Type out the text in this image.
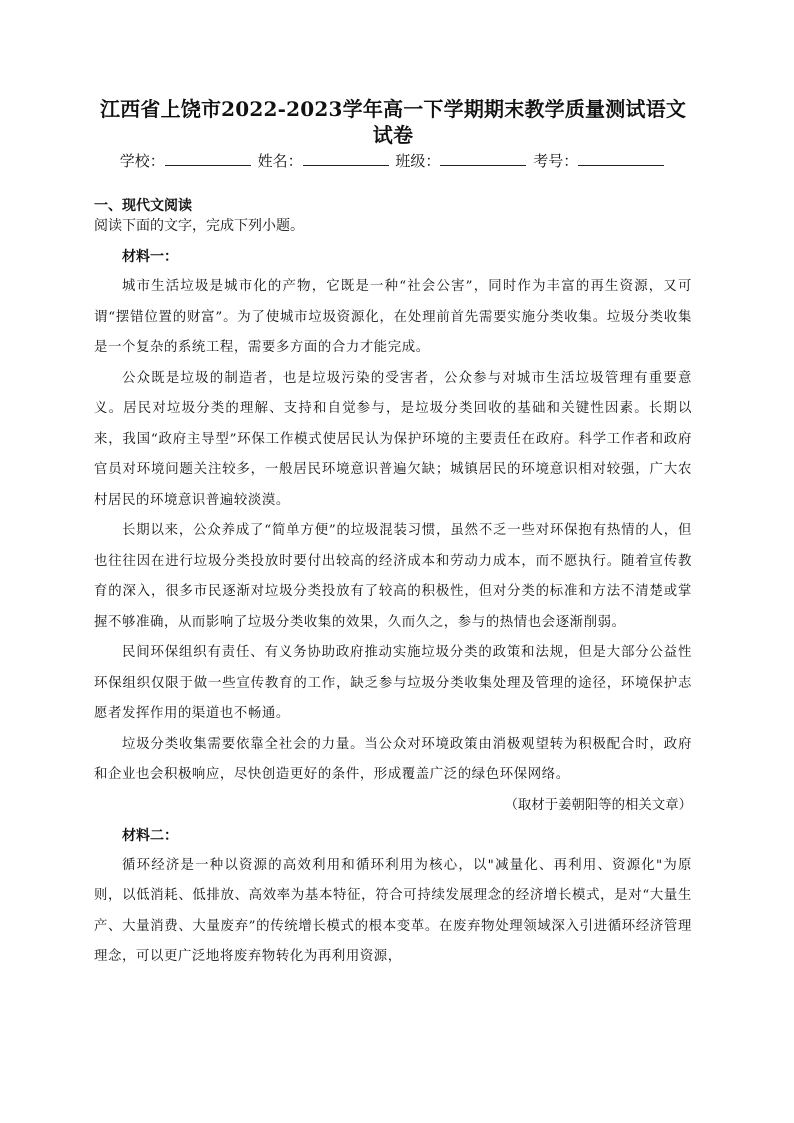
江西省上饶市2022-2023学年高一下学期期末教学质量测试语文试卷
学校：	姓名：	班级：	考号：
一、现代文阅读
阅读下面的文字，完成下列小题。
材料一：

城市生活垃圾是城市化的产物，它既是一种“社会公害”，同时作为丰富的再生资源，又可谓“摆错位置的财富”。为了使城市垃圾资源化，在处理前首先需要实施分类收集。垃圾分类收集是一个复杂的系统工程，需要多方面的合力才能完成。

公众既是垃圾的制造者，也是垃圾污染的受害者，公众参与对城市生活垃圾管理有重要意义。居民对垃圾分类的理解、支持和自觉参与，是垃圾分类回收的基础和关键性因素。长期以来，我国“政府主导型”环保工作模式使居民认为保护环境的主要责任在政府。科学工作者和政府官员对环境问题关注较多，一般居民环境意识普遍欠缺；城镇居民的环境意识相对较强，广大农村居民的环境意识普遍较淡漠。

长期以来，公众养成了“简单方便”的垃圾混装习惯，虽然不乏一些对环保抱有热情的人，但也往往因在进行垃圾分类投放时要付出较高的经济成本和劳动力成本，而不愿执行。随着宣传教育的深入，很多市民逐渐对垃圾分类投放有了较高的积极性，但对分类的标准和方法不清楚或掌握不够准确，从而影响了垃圾分类收集的效果，久而久之，参与的热情也会逐渐削弱。

民间环保组织有责任、有义务协助政府推动实施垃圾分类的政策和法规，但是大部分公益性环保组织仅限于做一些宣传教育的工作，缺乏参与垃圾分类收集处理及管理的途径，环境保护志愿者发挥作用的渠道也不畅通。

垃圾分类收集需要依靠全社会的力量。当公众对环境政策由消极观望转为积极配合时，政府和企业也会积极响应，尽快创造更好的条件，形成覆盖广泛的绿色环保网络。

（取材于姜朝阳等的相关文章）

材料二：

循环经济是一种以资源的高效利用和循环利用为核心，以"减量化、再利用、资源化"为原则，以低消耗、低排放、高效率为基本特征，符合可持续发展理念的经济增长模式，是对“大量生产、大量消费、大量废弃”的传统增长模式的根本变革。在废弃物处理领域深入引进循环经济管理理念，可以更广泛地将废弃物转化为再利用资源，
